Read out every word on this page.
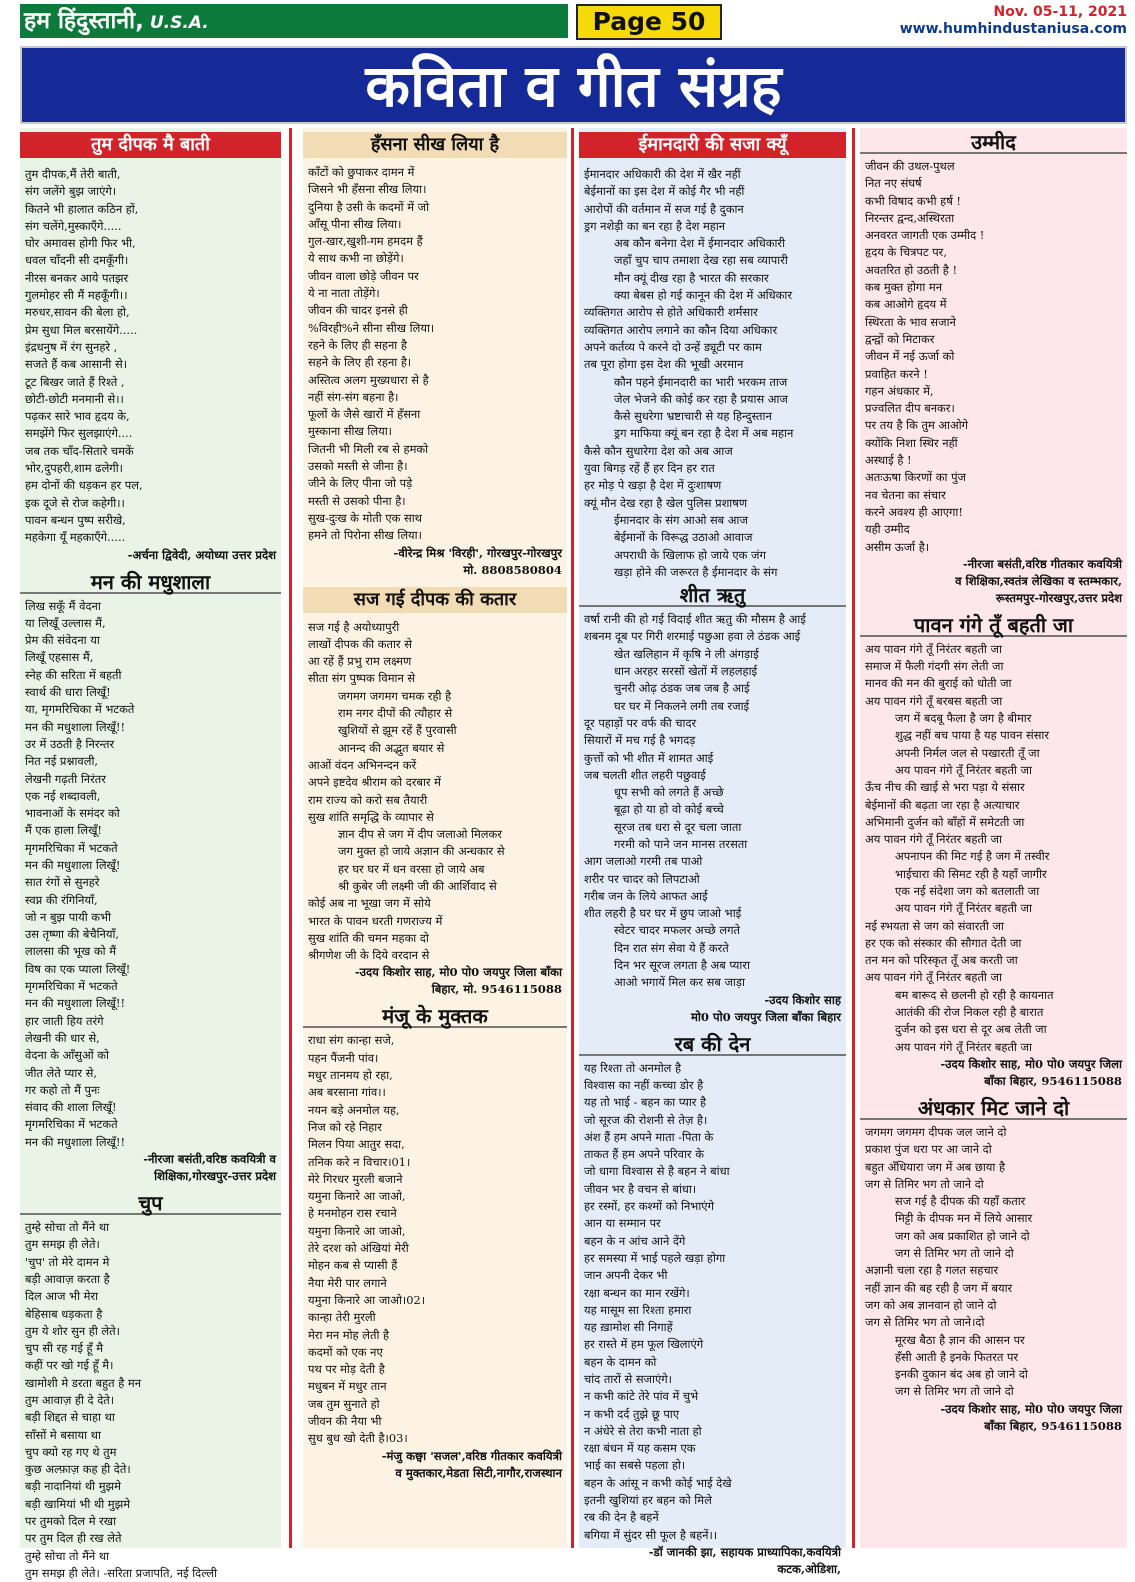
हम हिंदुस्तानी, U.S.A.	Page 50	Nov. 05-11, 2021
www.humhindustaniusa.com
कविता व गीत संग्रह
तुम दीपक मै बाती
तुम दीपक,मैं तेरी बाती,
संग जलेंगे बुझ जाएंगे।
कितने भी हालात कठिन हों,
संग चलेंगे,मुस्काएँगे.....
घोर अमावस होगी फिर भी,
धवल चाँदनी सी दमकूँगी।
नीरस बनकर आये पतझर
गुलमोहर सी मैं महकूँगी।।
मरुधर,सावन की बेला हो,
प्रेम सुधा मिल बरसायेंगे.....
इंद्रधनुष में रंग सुनहरे ,
सजते हैं कब आसानी से।
टूट बिखर जाते हैं रिश्ते ,
छोटी-छोटी मनमानी से।।
पढ़कर सारे भाव हृदय के,
समझेंगे फिर सुलझाएंगे....
जब तक चाँद-सितारे चमकें
भोर,दुपहरी,शाम ढलेगी।
हम दोनों की धड़कन हर पल,
इक दूजे से रोज कहेगी।।
पावन बन्धन पुष्प सरीखे,
महकेगा यूँ महकाएँगे.....
-अर्चना द्विवेदी, अयोध्या उत्तर प्रदेश
मन की मधुशाला
लिख सकूँ मैं वेदना
या लिखूँ उल्लास मैं,
प्रेम की संवेदना या
लिखूँ एहसास मैं,
स्नेह की सरिता में बहती
स्वार्थ की धारा लिखूँ!
या, मृगमरिचिका में भटकते
मन की मधुशाला लिखूँ!!
उर में उठती है निरन्तर
नित नई प्रश्नावली,
लेखनी गढ़ती निरंतर
एक नई शब्दावली,
भावनाओं के समंदर को
मैं एक हाला लिखूँ!
मृगमरिचिका में भटकते
मन की मधुशाला लिखूँ!
सात रंगों से सुनहरे
स्वप्न की रंगिनियाँ,
जो न बुझ पायी कभी
उस तृष्णा की बेचैनियाँ,
लालसा की भूख को मैं
विष का एक प्याला लिखूँ!
मृगमरिचिका में भटकते
मन की मधुशाला लिखूँ!!
हार जाती हिय तरंगे
लेखनी की धार से,
वेदना के आँसुओं को
जीत लेते प्यार से,
गर कहो तो मैं पुनः
संवाद की शाला लिखूँ!
मृगमरिचिका में भटकते
मन की मधुशाला लिखूँ!!
-नीरजा बसंती,वरिष्ठ कवयित्री व
शिक्षिका,गोरखपुर-उत्तर प्रदेश
चुप
तुम्हे सोचा तो मैंने था
तुम समझ ही लेते।
'चुप' तो मेरे दामन मे
बड़ी आवाज़ करता है
दिल आज भी मेरा
बेहिसाब धड़कता है
तुम ये शोर सुन ही लेते।
चुप सी रह गई हूँ मै
कहीं पर खो गई हूँ मै।
खामोशी मे डरता बहुत है मन
तुम आवाज़ ही दे देते।
बड़ी शिद्दत से चाहा था
साँसों मे बसाया था
चुप क्यो रह गए थे तुम
कुछ अल्फ़ाज़ कह ही देते।
बड़ी नादानियां थी मुझमे
बड़ी खामियां भी थी मुझमे
पर तुमको दिल मे रखा
पर तुम दिल ही रख लेते
तुम्हे सोचा तो मैंने था
तुम समझ ही लेते। -सरिता प्रजापति, नई दिल्ली
हँसना सीख लिया है
काँटों को छुपाकर दामन में
जिसने भी हँसना सीख लिया।
दुनिया है उसी के कदमों में जो
आँसू पीना सीख लिया।
गुल-खार,खुशी-गम हमदम हैं
ये साथ कभी ना छोड़ेंगे।
जीवन वाला छोड़े जीवन पर
ये ना नाता तोड़ेंगे।
जीवन की चादर इनसे ही
%विरही%ने सीना सीख लिया।
रहने के लिए ही सहना है
सहने के लिए ही रहना है।
अस्तित्व अलग मुख्यधारा से है
नहीं संग-संग बहना है।
फूलों के जैसे खारों में हँसना
मुस्काना सीख लिया।
जितनी भी मिली रब से हमको
उसको मस्ती से जीना है।
जीने के लिए पीना जो पड़े
मस्ती से उसको पीना है।
सुख-दुःख के मोती एक साथ
हमने तो पिरोना सीख लिया।
-वीरेन्द्र मिश्र 'विरही', गोरखपुर-गोरखपुर
मो. 8808580804
सज गई दीपक की कतार
सज गई है अयोध्यापुरी
लाखों दीपक की कतार से
आ रहें हैं प्रभु राम लक्ष्मण
सीता संग पुष्पक विमान से
जगमग जगमग चमक रही है
राम नगर दीपों की त्यौहार से
खुशियों से झूम रहें हैं पुरवासी
आनन्द की अद्भुत बयार से
आओं वंदन अभिनन्दन करें
अपने इष्टदेव श्रीराम को दरबार में
राम राज्य को करो सब तैयारी
सुख शांति समृद्धि के व्यापार से
ज्ञान दीप से जग में दीप जलाओ मिलकर
जग मुक्त हो जाये अज्ञान की अन्धकार से
हर घर घर में धन वरसा हो जाये अब
श्री कुबेर जी लक्ष्मी जी की आर्शिवाद से
कोई अब ना भूखा जग में सोये
भारत के पावन धरती गणराज्य में
सुख शांति की चमन महका दो
श्रीगणेश जी के दिये वरदान से
-उदय किशोर साह, मो0 पो0 जयपुर जिला बाँका
बिहार, मो. 9546115088
मंजू के मुक्तक
राधा संग कान्हा सजे,
पहन पैंजनी पांव।
मधुर तानमय हो रहा,
अब बरसाना गांव।।
नयन बड़े अनमोल यह,
निज को रहे निहार
मिलन पिया आतुर सदा,
तनिक करे न विचार।01।
मेरे गिरधर मुरली बजाने
यमुना किनारे आ जाओ,
हे मनमोहन रास रचाने
यमुना किनारे आ जाओ,
तेरे दरश को अंखियां मेरी
मोहन कब से प्यासी हैं
नैया मेरी पार लगाने
यमुना किनारे आ जाओ।02।
कान्हा तेरी मुरली
मेरा मन मोह लेती है
कदमों को एक नए
पथ पर मोड़ देती है
मधुबन में मधुर तान
जब तुम सुनाते हो
जीवन की नैया भी
सुध बुध खो देती है।03।
-मंजु कछ्वा 'सजल',वरिष्ठ गीतकार कवयित्री
व मुक्तकार,मेडता सिटी,नागौर,राजस्थान
ईमानदारी की सजा क्यूँ
ईमानदार अधिकारी की देश में खैर नहीं
बेईमानों का इस देश में कोई गैर भी नहीं
आरोपों की वर्तमान में सज गई है दुकान
ड्रग नशेड़ी का बन रहा है देश महान
अब कौन बनेगा देश में ईमानदार अधिकारी
जहाँ चुप चाप तमाशा देख रहा सब व्यापारी
मौन क्यूं दीख रहा है भारत की सरकार
क्या बेबस हो गई कानून की देश में अधिकार
व्यक्तिगत आरोप से होते अधिकारी शर्मसार
व्यक्तिगत आरोप लगाने का कौन दिया अधिकार
अपने कर्तव्य पे करने दो उन्हें ड्यूटी पर काम
तब पूरा होगा इस देश की भूखी अरमान
कौन पहने ईमानदारी का भारी भरकम ताज
जेल भेजने की कोई कर रहा है प्रयास आज
कैसे सुधरेगा भ्रष्टाचारी से यह हिन्दुस्तान
ड्रग माफिया क्यूं बन रहा है देश में अब महान
कैसे कौन सुधारेगा देश को अब आज
युवा बिगड़ रहें हैं हर दिन हर रात
हर मोड़ पे खड़ा है देश में दुःशाषण
क्यूं मौन देख रहा है खेल पुलिस प्रशाषण
ईमानदार के संग आओ सब आज
बेईमानों के विरूद्ध उठाओ आवाज
अपराधी के खिलाफ हो जाये एक जंग
खड़ा होने की जरूरत है ईमानदार के संग
शीत ऋतु
वर्षा रानी की हो गई विदाई शीत ऋतु की मौसम है आई
शबनम दूब पर गिरी शरमाई पछुआ हवा ले ठंडक आई
खेत खलिहान में कृषि ने ली अंगड़ाई
धान अरहर सरसों खेतों में लहलहाई
चुनरी ओढ़ ठंडक जब जब है आई
घर घर में निकलने लगी तब रजाई
दूर पहाड़ों पर वर्फ की चादर
सियारों में मच गई है भगदड़
कुत्तों को भी शीत में शामत आई
जब चलती शीत लहरी पछुवाई
धूप सभी को लगते हैं अच्छे
बूढ़ा हो या हो वो कोई बच्चे
सूरज तब धरा से दूर चला जाता
गरमी को पाने जन मानस तरसता
आग जलाओ गरमी तब पाओ
शरीर पर चादर को लिपटाओ
गरीब जन के लिये आफत आई
शीत लहरी है घर घर में छुप जाओ भाई
स्वेटर चादर मफलर अच्छे लगते
दिन रात संग सेवा ये हैं करते
दिन भर सूरज लगता है अब प्यारा
आओ भगायें मिल कर सब जाड़ा
-उदय किशोर साह
मो0 पो0 जयपुर जिला बाँका बिहार
रब की देन
यह रिश्ता तो अनमोल है
विश्वास का नहीं कच्चा डोर है
यह तो भाई - बहन का प्यार है
जो सूरज की रोशनी से तेज़ है।
अंश हैं हम अपने माता -पिता के
ताकत हैं हम अपने परिवार के
जो धागा विश्वास से है बहन ने बांधा
जीवन भर है वचन से बांधा।
हर रस्मों, हर कश्मों को निभाएंगे
आन या सम्मान पर
बहन के न आंच आने देंगे
हर समस्या में भाई पहले खड़ा होगा
जान अपनी देकर भी
रक्षा बन्धन का मान रखेंगे।
यह मासूम सा रिश्ता हमारा
यह ख़ामोश सी निगाहें
हर रास्ते में हम फूल खिलाएंगे
बहन के दामन को
चांद तारों से सजाएंगे।
न कभी कांटे तेरे पांव में चुभे
न कभी दर्द तुझे छू पाए
न अंधेरे से तेरा कभी नाता हो
रक्षा बंधन में यह कसम एक
भाई का सबसे पहला हो।
बहन के आंसू न कभी कोई भाई देखे
इतनी खुशियां हर बहन को मिले
रब की देन है बहनें
बगिया में सुंदर सी फूल है बहनें।।
-डॉ जानकी झा, सहायक प्राध्यापिका,कवयित्री
कटक,ओडिशा,
उम्मीद
जीवन की उथल-पुथल
नित नए संघर्ष
कभी विषाद कभी हर्ष !
निरन्तर द्वन्द,अस्थिरता
अनवरत जागती एक उम्मीद !
हृदय के चित्रपट पर,
अवतरित हो उठती है !
कब मुक्त होगा मन
कब आओगे हृदय में
स्थिरता के भाव सजाने
द्वन्द्वों को मिटाकर
जीवन में नई ऊर्जा को
प्रवाहित करने !
गहन अंधकार में,
प्रज्वलित दीप बनकर।
पर तय है कि तुम आओगे
क्योंकि निशा स्थिर नहीं
अस्थाई है !
अतःऊषा किरणों का पुंज
नव चेतना का संचार
करने अवश्य ही आएगा!
यही उम्मीद
असीम ऊर्जा है।
-नीरजा बसंती,वरिष्ठ गीतकार कवयित्री
व शिक्षिका,स्वतंत्र लेखिका व स्तम्भकार,
रूस्तमपुर-गोरखपुर,उत्तर प्रदेश
पावन गंगे तूँ बहती जा
अय पावन गंगे तूँ निरंतर बहती जा
समाज में फैली गंदगी संग लेती जा
मानव की मन की बुराई को धोती जा
अय पावन गंगे तूँ बरबस बहती जा
जग में बदबू फैला है जग है बीमार
शुद्ध नहीं बच पाया है यह पावन संसार
अपनी निर्मल जल से पखारती तूँ जा
अय पावन गंगे तूँ निरंतर बहती जा
ऊँच नीच की खाई से भरा पड़ा ये संसार
बेईमानों की बढ़ता जा रहा है अत्याचार
अभिमानी दुर्जन को बाँहों में समेटती जा
अय पावन गंगे तूँ निरंतर बहती जा
अपनापन की मिट गई है जग में तस्वीर
भाईचारा की सिमट रही है यहाँ जागीर
एक नई संदेशा जग को बतलाती जा
अय पावन गंगे तूँ निरंतर बहती जा
नई स्भयता से जग को संवारती जा
हर एक को संस्कार की सौगात देती जा
तन मन को परिस्कृत तूँ अब करती जा
अय पावन गंगे तूँ निरंतर बहती जा
बम बारूद से छलनी हो रही है कायनात
आतंकी की रोज निकल रही है बारात
दुर्जन को इस धरा से दूर अब लेती जा
अय पावन गंगे तूँ निरंतर बहती जा
-उदय किशोर साह, मो0 पो0 जयपुर जिला
बाँका बिहार, 9546115088
अंधकार मिट जाने दो
जगमग जगमग दीपक जल जाने दो
प्रकाश पुंज धरा पर आ जाने दो
बहुत अँधियारा जग में अब छाया है
जग से तिमिर भग तो जाने दो
सज गई है दीपक की यहाँ कतार
मिट्टी के दीपक मन में लिये आसार
जग को अब प्रकाशित हो जाने दो
जग से तिमिर भग तो जाने दो
अज्ञानी चला रहा है गलत सहचार
नहीं ज्ञान की बह रही है जग में बयार
जग को अब ज्ञानवान हो जाने दो
जग से तिमिर भग तो जाने।दो
मूरख बैठा है ज्ञान की आसन पर
हँसी आती है इनके फितरत पर
इनकी दुकान बंद अब हो जाने दो
जग से तिमिर भग तो जाने दो
-उदय किशोर साह, मो0 पो0 जयपुर जिला
बाँका बिहार, 9546115088
